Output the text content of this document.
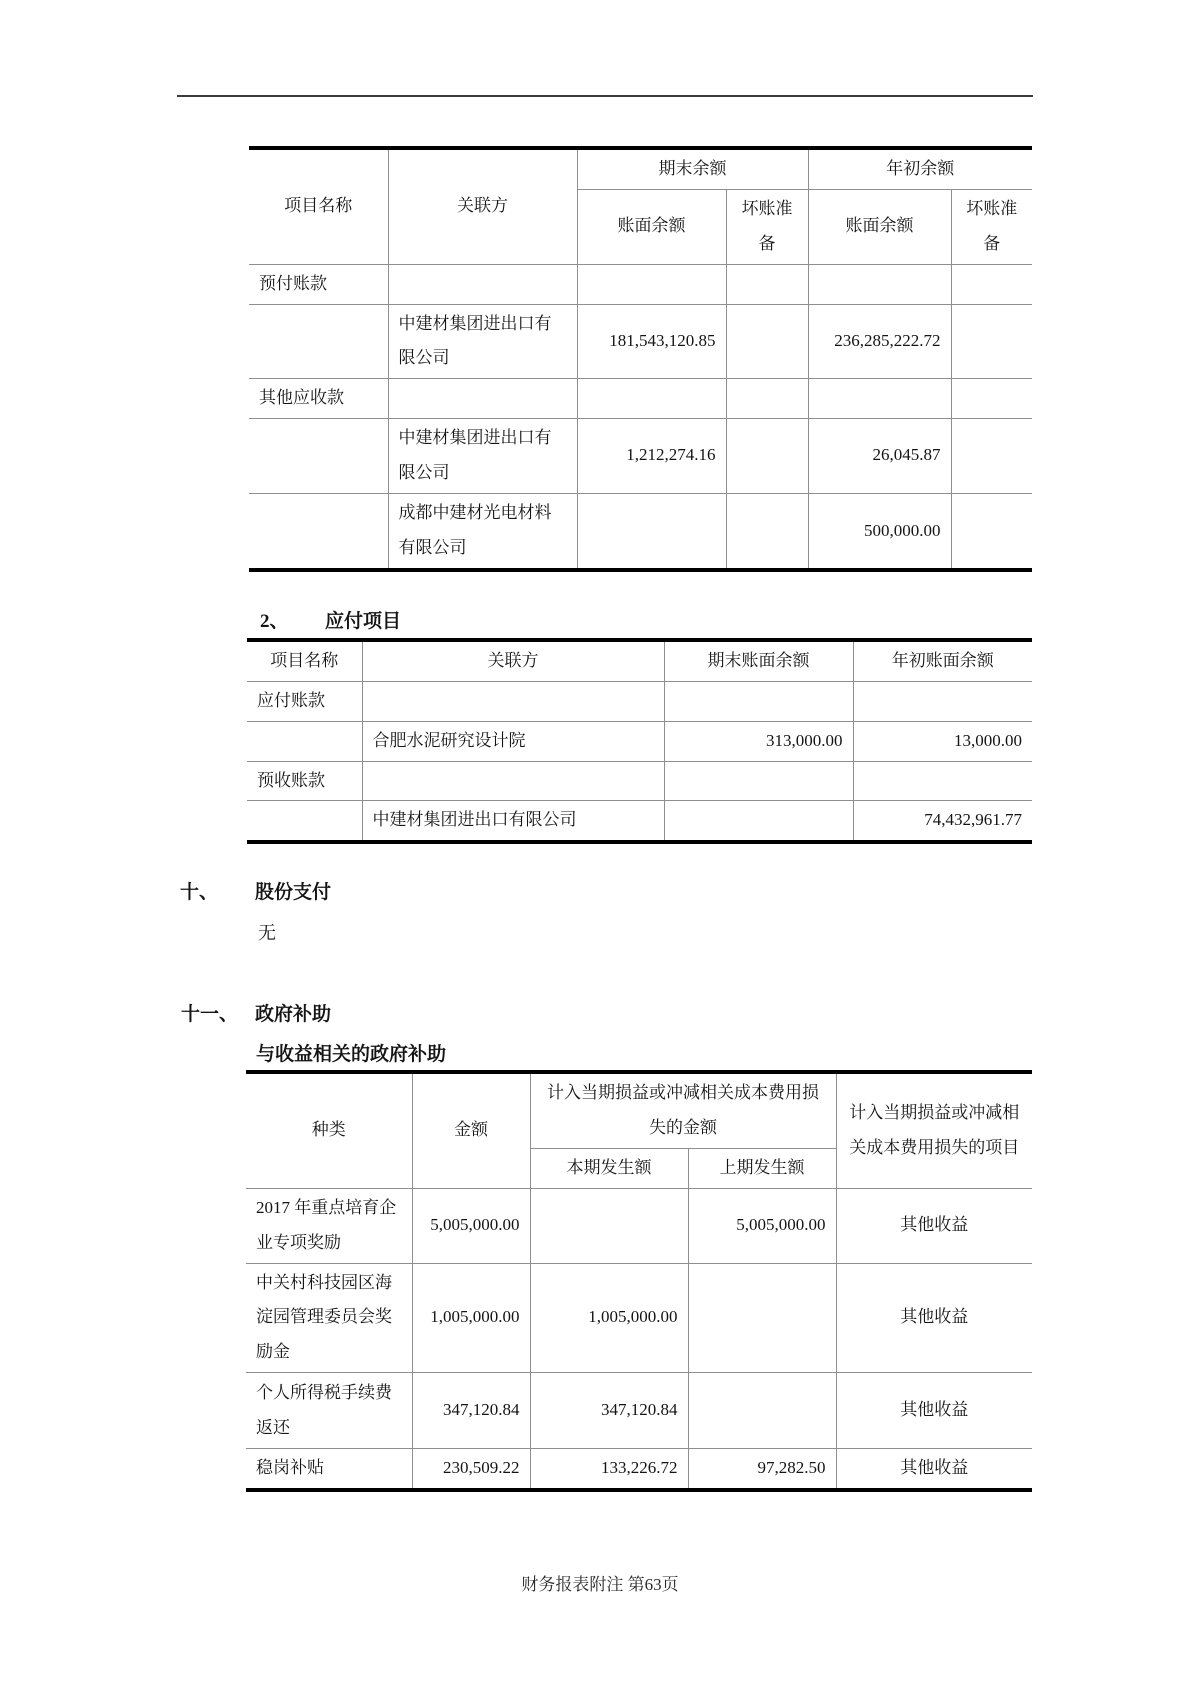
项目名称	关联方	期末余额		年初余额	
		账面余额	坏账准备	账面余额	坏账准备
预付账款					
	中建材集团进出口有限公司	181,543,120.85		236,285,222.72	
其他应收款					
	中建材集团进出口有限公司	1,212,274.16		26,045.87	
	成都中建材光电材料有限公司			500,000.00	
2、 应付项目
项目名称	关联方	期末账面余额	年初账面余额
应付账款			
	合肥水泥研究设计院	313,000.00	13,000.00
预收账款			
	中建材集团进出口有限公司		74,432,961.77
十、 股份支付
无
十一、 政府补助
与收益相关的政府补助
种类	金额	计入当期损益或冲减相关成本费用损失的金额		计入当期损益或冲减相关成本费用损失的项目
		本期发生额	上期发生额	
2017 年重点培育企业专项奖励	5,005,000.00		5,005,000.00	其他收益
中关村科技园区海淀园管理委员会奖励金	1,005,000.00	1,005,000.00		其他收益
个人所得税手续费返还	347,120.84	347,120.84		其他收益
稳岗补贴	230,509.22	133,226.72	97,282.50	其他收益
财务报表附注 第63页
